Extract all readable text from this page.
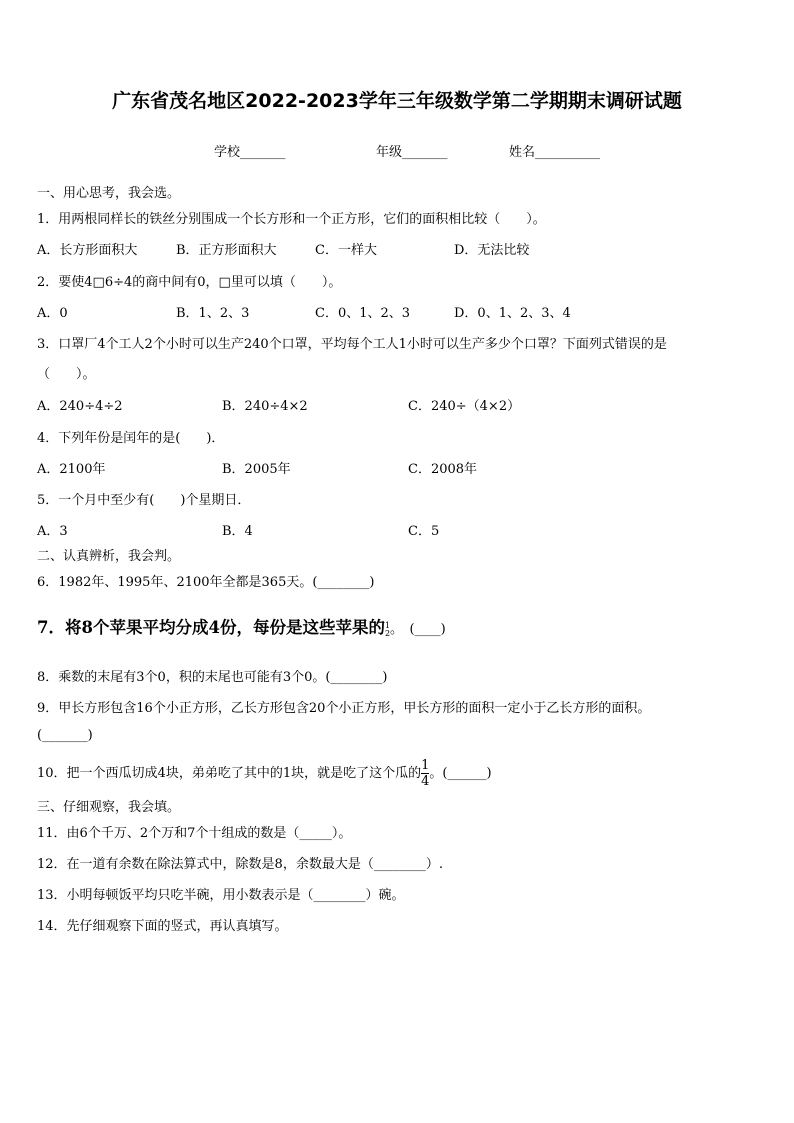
广东省茂名地区2022-2023学年三年级数学第二学期期末调研试题
学校_______	年级_______	姓名__________
一、用心思考，我会选。
1．用两根同样长的铁丝分别围成一个长方形和一个正方形，它们的面积相比较（　　）。
A．长方形面积大	B．正方形面积大	C．一样大	D．无法比较
2．要使4□6÷4的商中间有0，□里可以填（　　）。
A．0	B．1、2、3	C．0、1、2、3	D．0、1、2、3、4
3．口罩厂4个工人2个小时可以生产240个口罩，平均每个工人1小时可以生产多少个口罩？下面列式错误的是
（　　）。
A．240÷4÷2	B．240÷4×2	C．240÷（4×2）
4．下列年份是闰年的是(　　)．
A．2100年	B．2005年	C．2008年
5．一个月中至少有(　　)个星期日．
A．3	B．4	C．5
二、认真辨析，我会判。
6．1982年、1995年、2100年全都是365天。(________)
7．将8个苹果平均分成4份，每份是这些苹果的 1
2 。　(____)
8．乘数的末尾有3个0，积的末尾也可能有3个0。(________)
9．甲长方形包含16个小正方形，乙长方形包含20个小正方形，甲长方形的面积一定小于乙长方形的面积。
(_______)
10．把一个西瓜切成4块，弟弟吃了其中的1块，就是吃了这个瓜的 $\frac{1}{4}$ 。(______)
三、仔细观察，我会填。
11．由6个千万、2个万和7个十组成的数是（_____）。
12．在一道有余数在除法算式中，除数是8，余数最大是（________）.
13．小明每顿饭平均只吃半碗，用小数表示是（________）碗。
14．先仔细观察下面的竖式，再认真填写。
